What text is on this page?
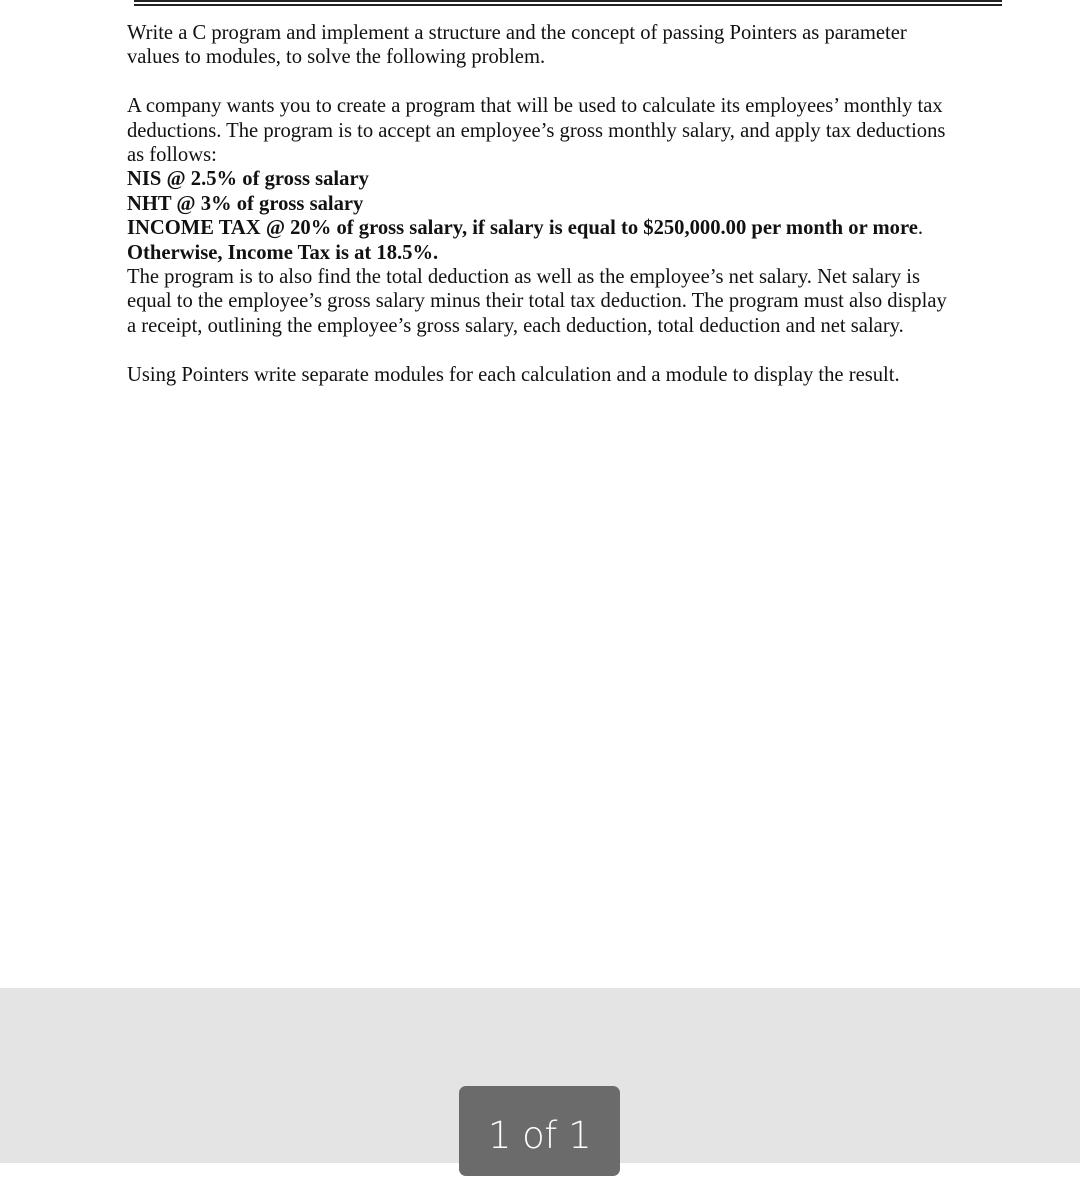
Write a C program and implement a structure and the concept of passing Pointers as parameter values to modules, to solve the following problem.

A company wants you to create a program that will be used to calculate its employees’ monthly tax deductions. The program is to accept an employee’s gross monthly salary, and apply tax deductions as follows:

NIS @ 2.5% of gross salary

NHT @ 3% of gross salary

INCOME TAX @ 20% of gross salary, if salary is equal to $250,000.00 per month or more.

Otherwise, Income Tax is at 18.5%.

The program is to also find the total deduction as well as the employee’s net salary. Net salary is equal to the employee’s gross salary minus their total tax deduction. The program must also display a receipt, outlining the employee’s gross salary, each deduction, total deduction and net salary.

Using Pointers write separate modules for each calculation and a module to display the result.

1 of 1
